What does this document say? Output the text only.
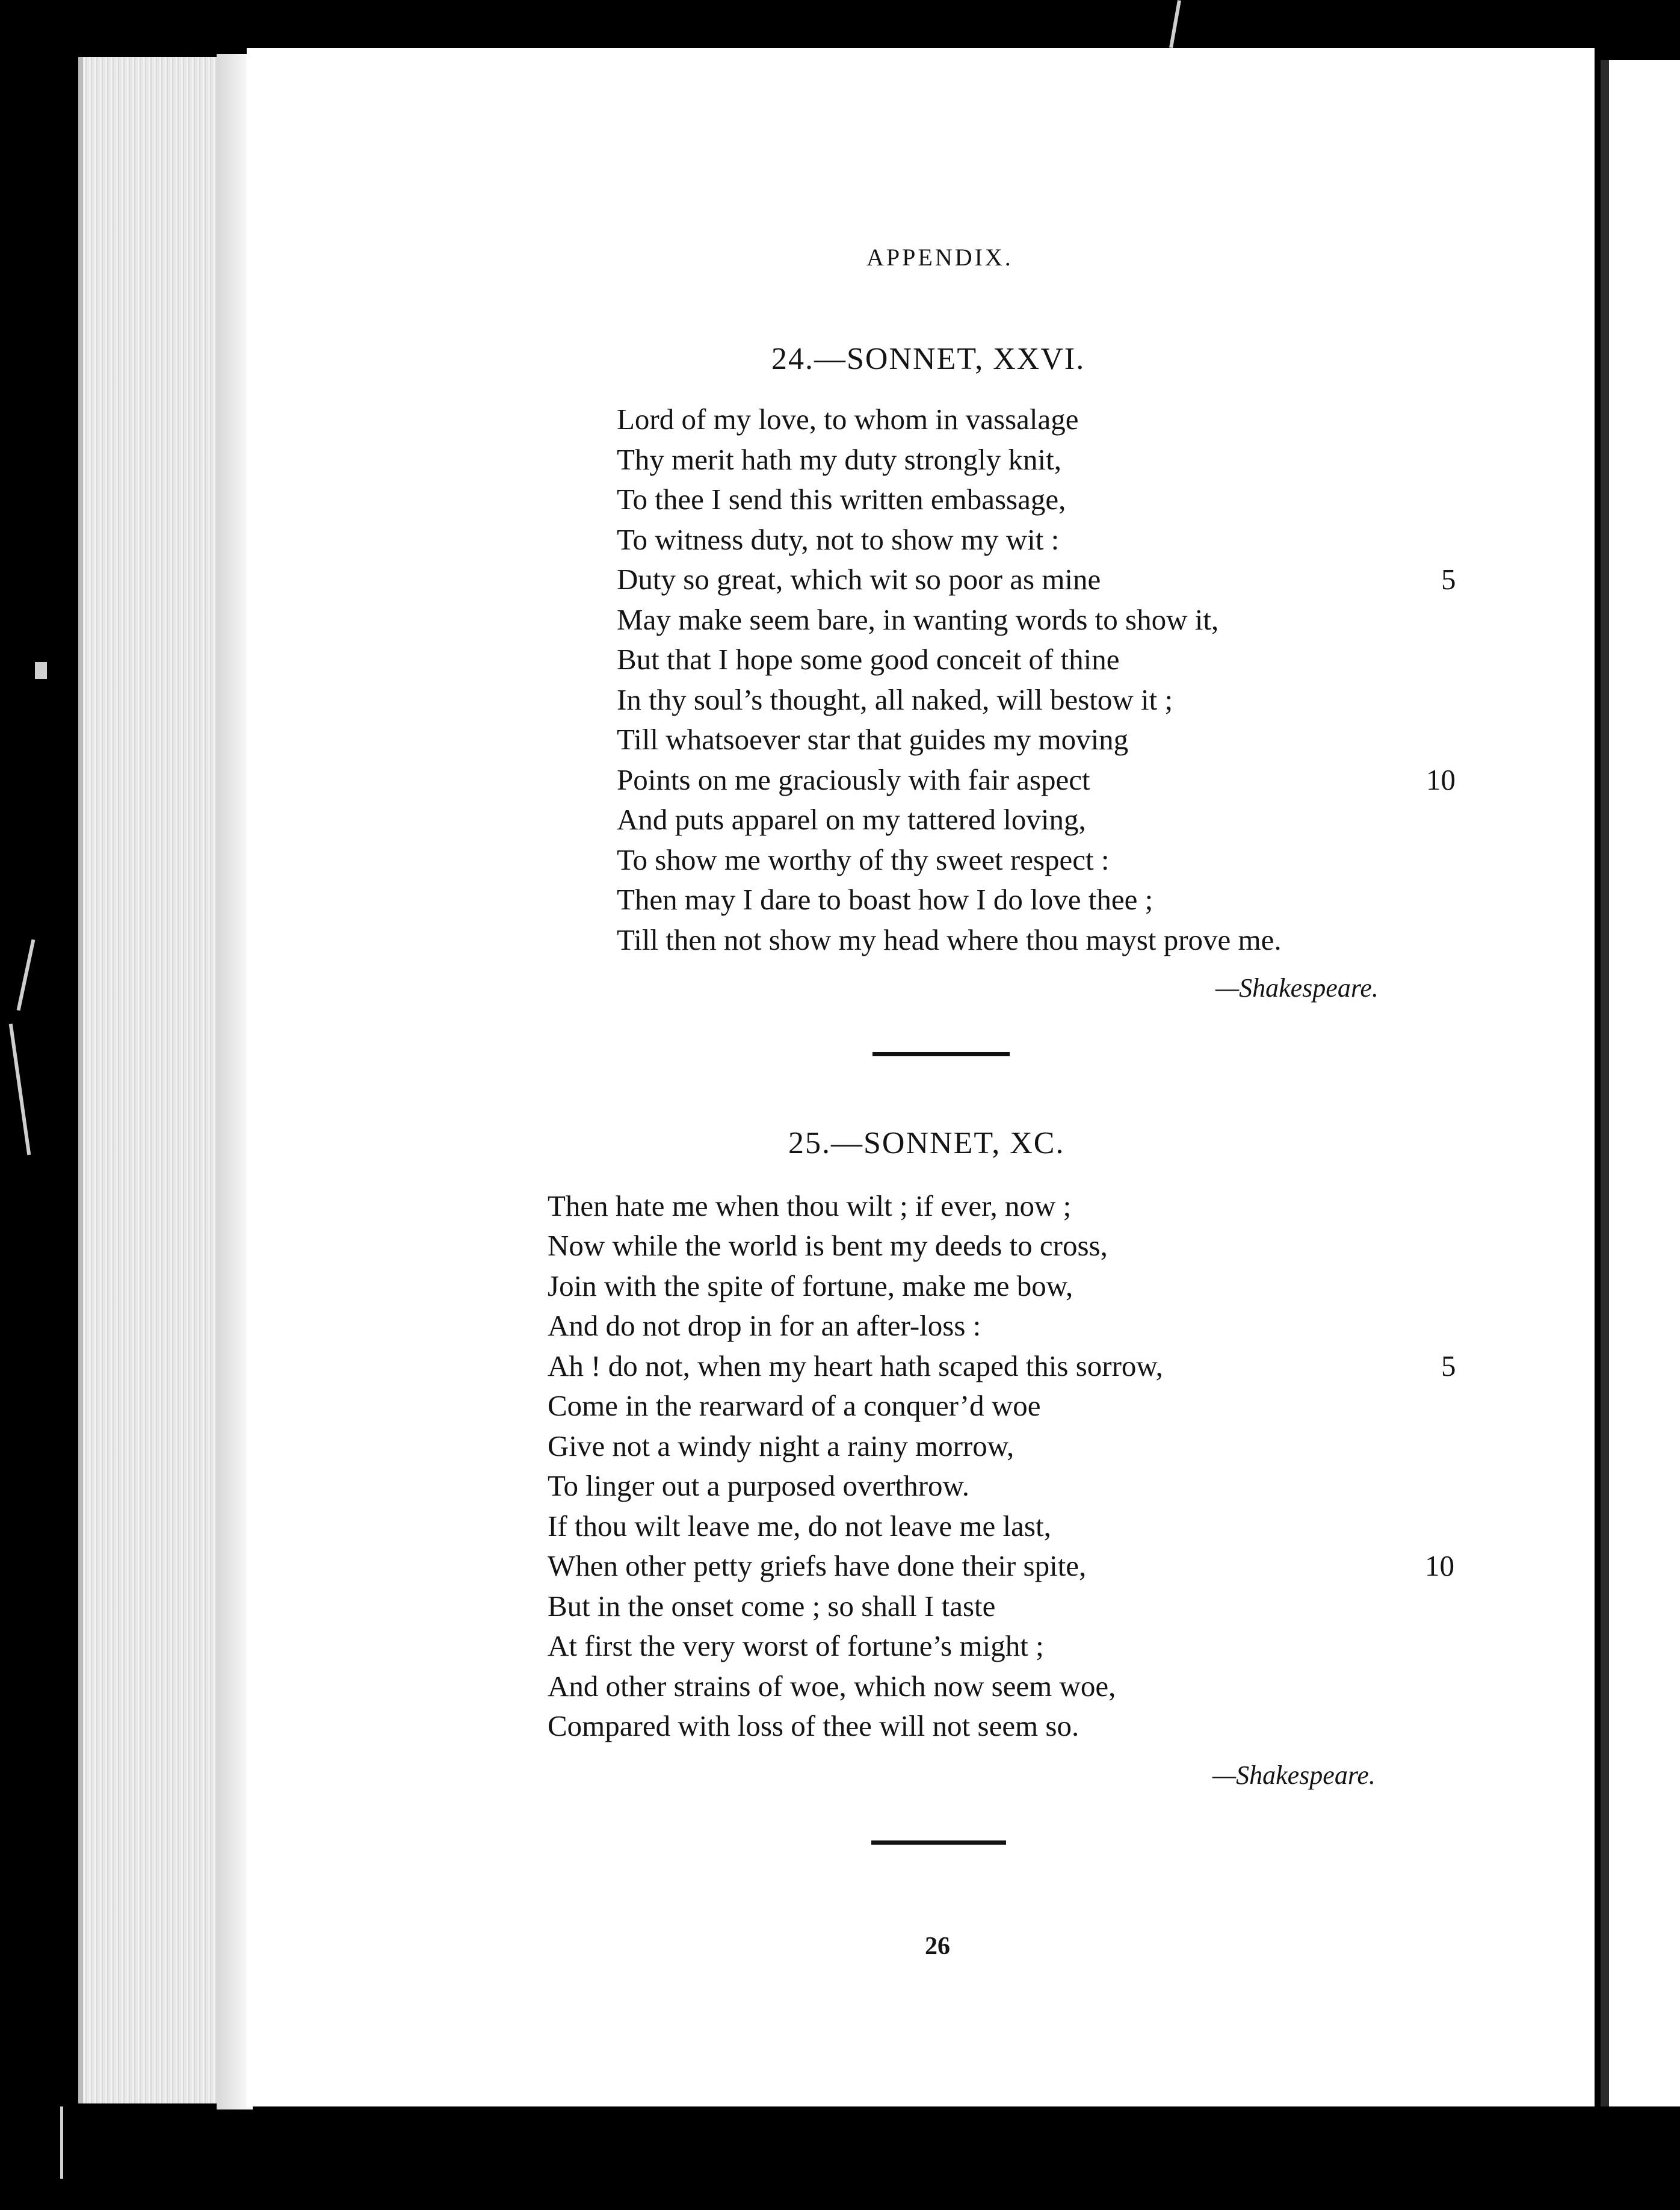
APPENDIX.
24.—SONNET, XXVI.
Lord of my love, to whom in vassalage
Thy merit hath my duty strongly knit,
To thee I send this written embassage,
To witness duty, not to show my wit :
Duty so great, which wit so poor as mine
May make seem bare, in wanting words to show it,
But that I hope some good conceit of thine
In thy soul’s thought, all naked, will bestow it ;
Till whatsoever star that guides my moving
Points on me graciously with fair aspect
And puts apparel on my tattered loving,
To show me worthy of thy sweet respect :
Then may I dare to boast how I do love thee ;
Till then not show my head where thou mayst prove me.
5
10
—Shakespeare.
25.—SONNET, XC.
Then hate me when thou wilt ; if ever, now ;
Now while the world is bent my deeds to cross,
Join with the spite of fortune, make me bow,
And do not drop in for an after-loss :
Ah ! do not, when my heart hath scaped this sorrow,
Come in the rearward of a conquer’d woe
Give not a windy night a rainy morrow,
To linger out a purposed overthrow.
If thou wilt leave me, do not leave me last,
When other petty griefs have done their spite,
But in the onset come ; so shall I taste
At first the very worst of fortune’s might ;
And other strains of woe, which now seem woe,
Compared with loss of thee will not seem so.
5
10
—Shakespeare.
26
